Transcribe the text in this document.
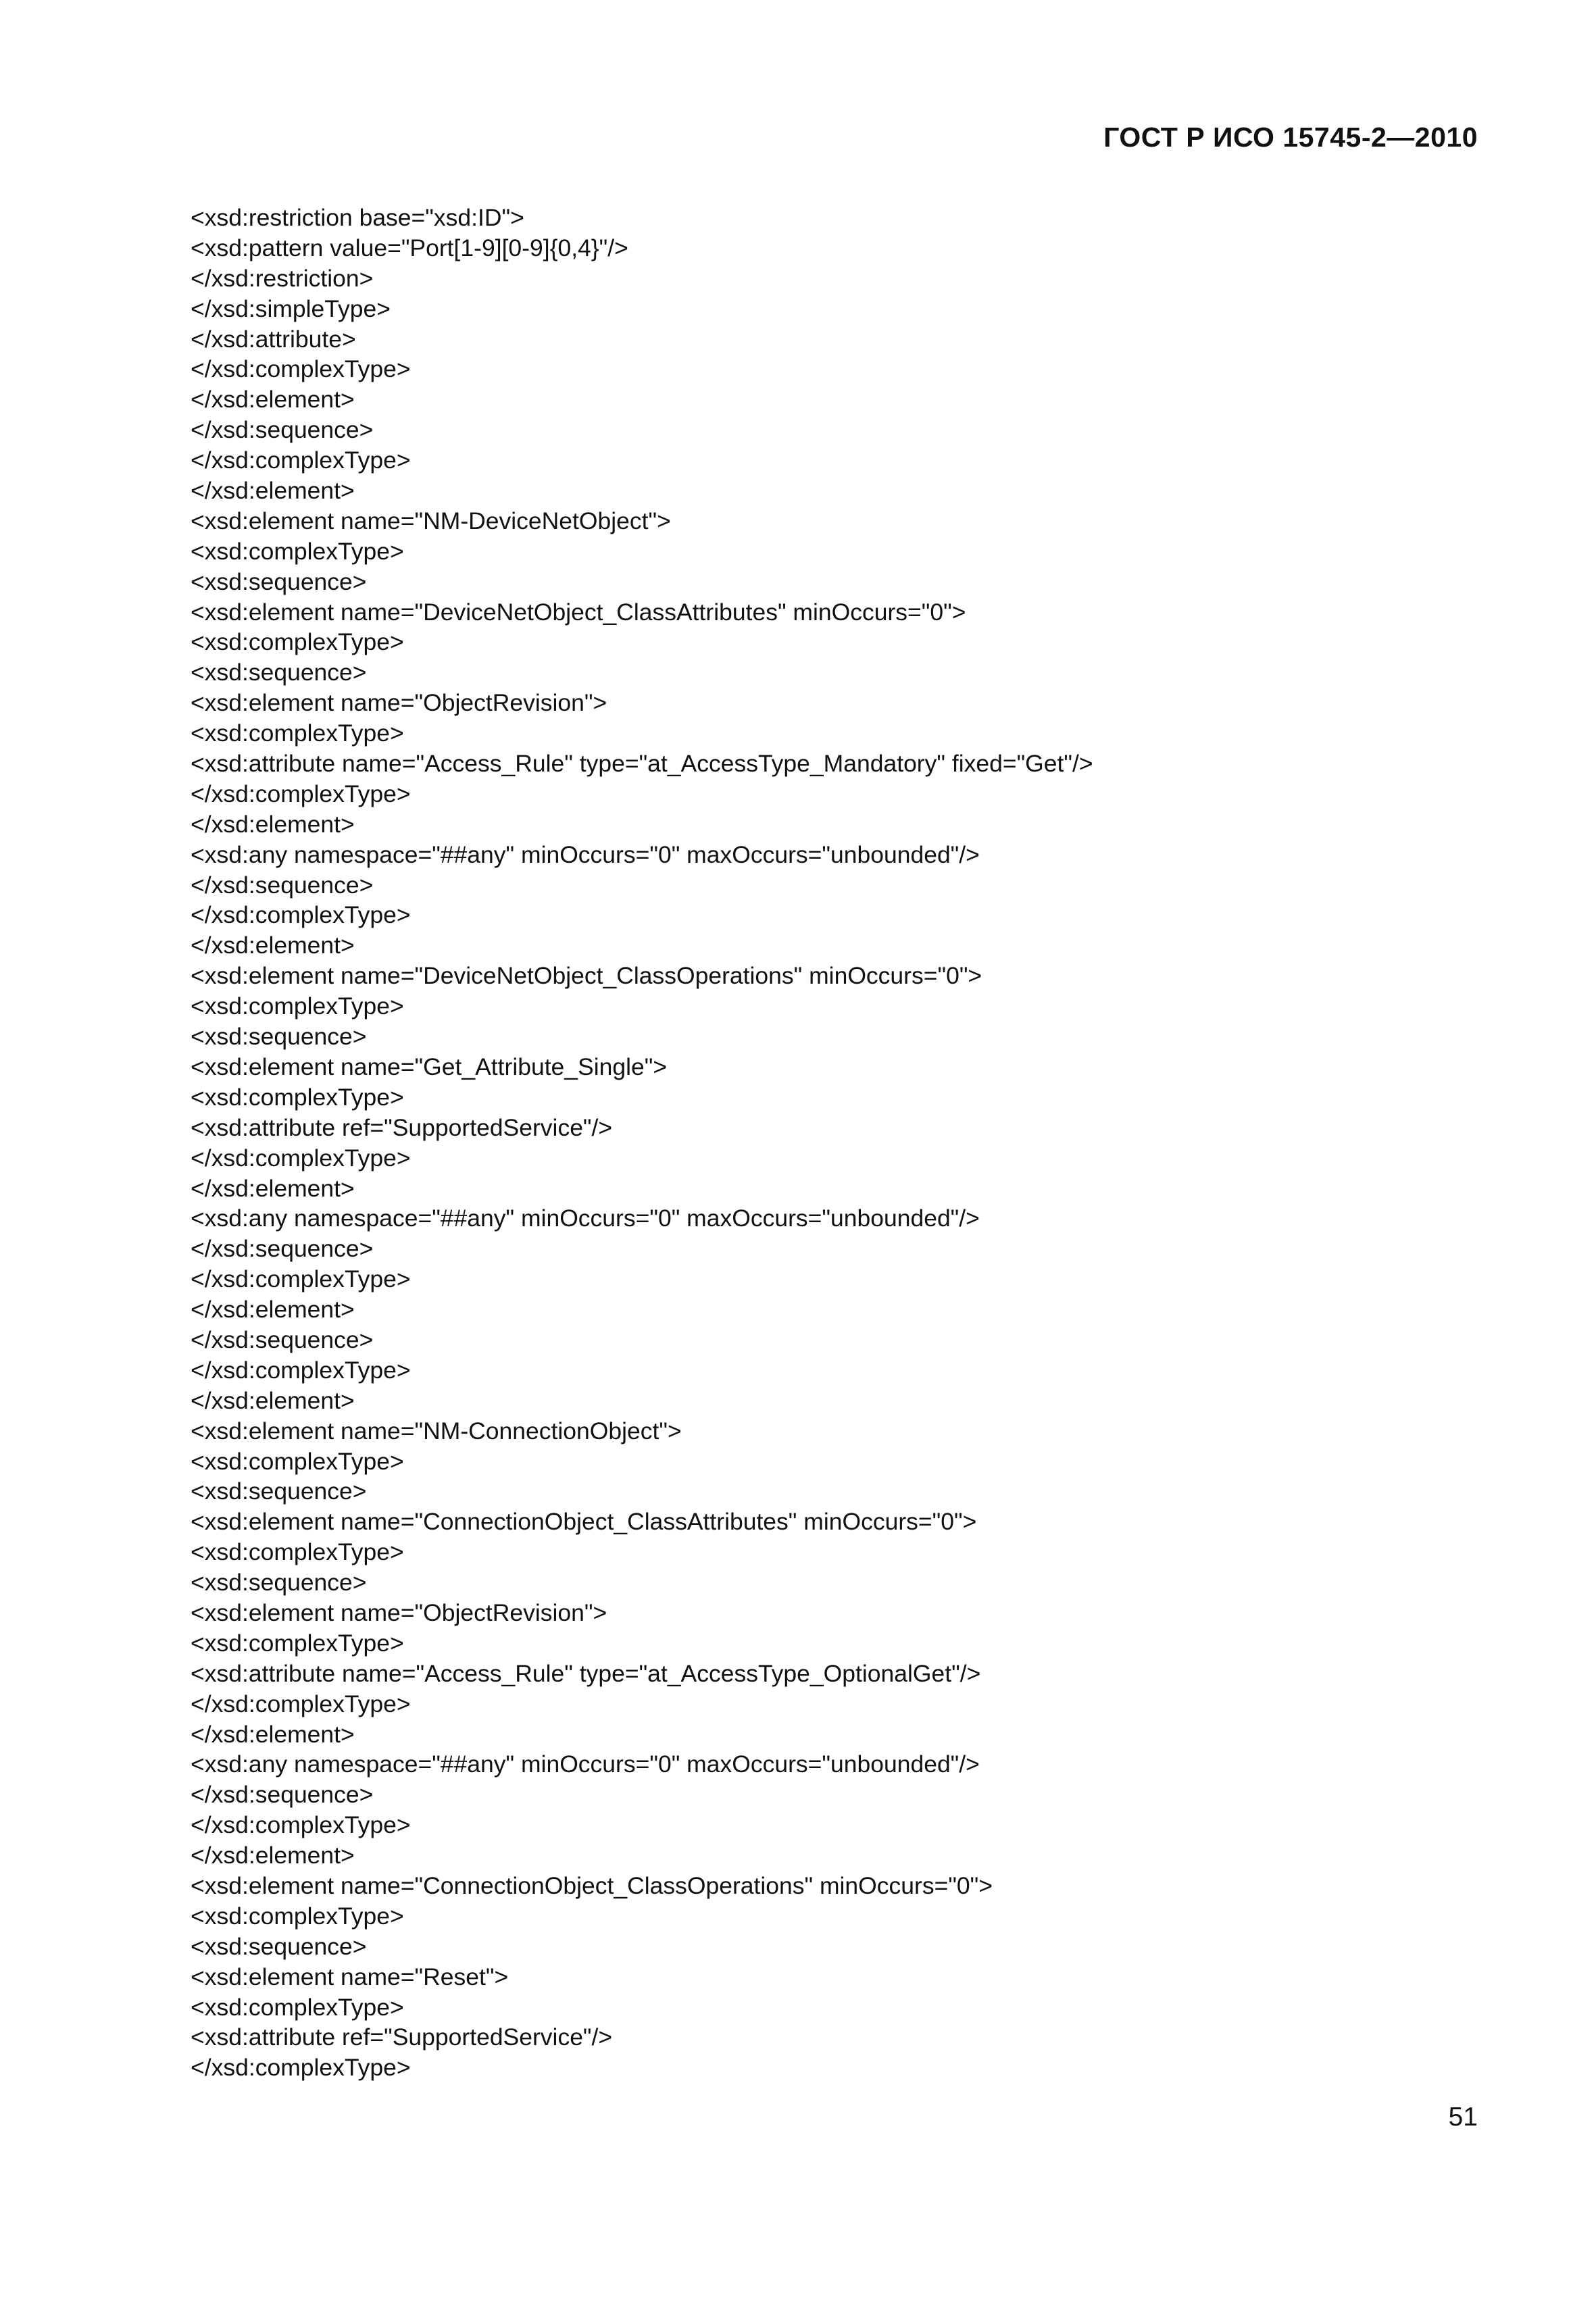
ГОСТ Р ИСО 15745-2—2010
<xsd:restriction base="xsd:ID">
<xsd:pattern value="Port[1-9][0-9]{0,4}"/>
</xsd:restriction>
</xsd:simpleType>
</xsd:attribute>
</xsd:complexType>
</xsd:element>
</xsd:sequence>
</xsd:complexType>
</xsd:element>
<xsd:element name="NM-DeviceNetObject">
<xsd:complexType>
<xsd:sequence>
<xsd:element name="DeviceNetObject_ClassAttributes" minOccurs="0">
<xsd:complexType>
<xsd:sequence>
<xsd:element name="ObjectRevision">
<xsd:complexType>
<xsd:attribute name="Access_Rule" type="at_AccessType_Mandatory" fixed="Get"/>
</xsd:complexType>
</xsd:element>
<xsd:any namespace="##any" minOccurs="0" maxOccurs="unbounded"/>
</xsd:sequence>
</xsd:complexType>
</xsd:element>
<xsd:element name="DeviceNetObject_ClassOperations" minOccurs="0">
<xsd:complexType>
<xsd:sequence>
<xsd:element name="Get_Attribute_Single">
<xsd:complexType>
<xsd:attribute ref="SupportedService"/>
</xsd:complexType>
</xsd:element>
<xsd:any namespace="##any" minOccurs="0" maxOccurs="unbounded"/>
</xsd:sequence>
</xsd:complexType>
</xsd:element>
</xsd:sequence>
</xsd:complexType>
</xsd:element>
<xsd:element name="NM-ConnectionObject">
<xsd:complexType>
<xsd:sequence>
<xsd:element name="ConnectionObject_ClassAttributes" minOccurs="0">
<xsd:complexType>
<xsd:sequence>
<xsd:element name="ObjectRevision">
<xsd:complexType>
<xsd:attribute name="Access_Rule" type="at_AccessType_OptionalGet"/>
</xsd:complexType>
</xsd:element>
<xsd:any namespace="##any" minOccurs="0" maxOccurs="unbounded"/>
</xsd:sequence>
</xsd:complexType>
</xsd:element>
<xsd:element name="ConnectionObject_ClassOperations" minOccurs="0">
<xsd:complexType>
<xsd:sequence>
<xsd:element name="Reset">
<xsd:complexType>
<xsd:attribute ref="SupportedService"/>
</xsd:complexType>
51
